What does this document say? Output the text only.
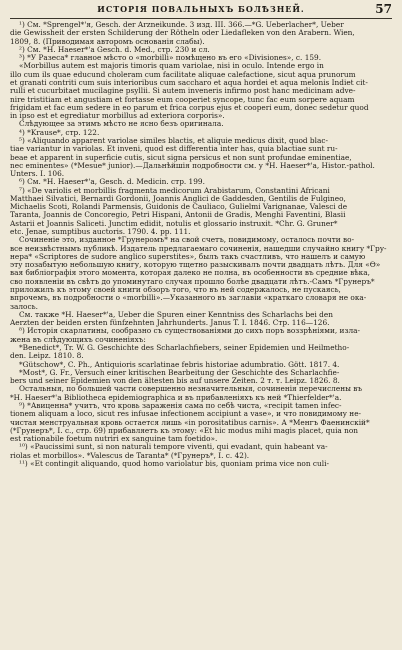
ИСТОРІЯ ПОВАЛЬНЫХЪ БОЛѢЗНЕЙ.	57
¹) См. *Sprengel*'я, Gesch. der Arzneikunde. 3 изд. III. 366.—*G. Ueberlacher*, Ueber
die Gewissheit der ersten Schilderung der Rötheln oder Liedafleken von den Arabern. Wien,
1809, 8. (Приводимая авторомъ основанія слабы).
²) См. *H. Haeser*'a Gesch. d. Med., стр. 230 и сл.
³) *У Разеса* главное мѣсто о «morbilli» помѣщено въ его «Divisiones», с. 159.
«Morbillus autem est majoris timoris quam variolae, nisi in oculo. Intende ergo in
illo cum ils quae educund choleram cum facilitate aliquae calefactione, sicut aqua prunorum
et granati contriti cum suis interioribus cum saccharo et aqua hordei et aqua melonis Indiet cit-
rulli et cucurbitaet mucilagine psyllii. Si autem inveneris infirmo post hanc medicinam adve-
nire tristitiam et angustiam et fortasse eum cooperiet syncope, tunc fac eum sorpere aquam
frigidam et fac eum sedere in eo parum et frica corpus ejus et cooperi eum, donec sedetur quod
in ipso est et egrediatur morbillus ad exteriora corporis».
Слѣдующее за этимъ мѣсто не ясно безъ оригинала.
⁴) *Krause*, стр. 122.
⁵) «Aliquando apparent variolae similes blactis, et aliquie medicus dixit, quod blac-
tiae variantur in variolas. Et inveni, quod est differentia inter has, quia blactiae sunt ru-
beae et apparent in superficie cutis, sicut signa persicus et non sunt profundae eminentiae,
nec eminentes» (*Mesue* junior).—Дальнѣйшія подробности см. у *H. Haeser*'a, Histor.-pathol.
Unters. I. 106.
⁶) См. *H. Haeser*'a, Gesch. d. Medicin. стр. 199.
⁷) «De variolis et morbillis fragmenta medicorum Arabistarum, Constantini Africani
Matthaei Silvatici, Bernardi Gordonii, Joannis Anglici de Gaddesden, Gentilis de Fulgineo,
Michaelis Scoti, Rolandi Parmensis, Guidonis de Cauliaco, Gulielmi Varignanae, Valesci de
Taranta, Joannis de Concoregio, Petri Hispani, Antonii de Gradis, Menghi Faventini, Blasii
Astarii et Joannis Saliceti. Junctim edidit, notulis et glossario instruxit. *Chr. G. Gruner*
etc. Jenae, sumptibus auctoris. 1790. 4. pp. 111.
Сочиненіе это, изданное *Грунеромъ* на свой счетъ, повидимому, осталось почти во-
все неизвѣстнымъ публикѣ. Издатель предлагаемаго сочиненія, нашедши случайно книгу *Гру-
нера* «Scriptores de sudore anglico superstites», былъ такъ счастливъ, что нашелъ и самую
эту позабытую небольшую книгу, которую тщетно разыскивалъ почти двадцать лѣтъ. Для «Ѳ»
вая библіографія этого момента, которая далеко не полна, въ особенности въ средние вѣка,
сво появленіи въ свѣтъ до упоминутаго случая прошло болѣе двадцати лѣтъ.-Самъ *Грунеръ*
приложилъ къ этому своей книги обзоръ того, что въ ней содержалось, не пускаясь,
впрочемъ, въ подробности о «morbilli».—Указанного въ заглавіи «краткаго словаря не ока-
залось.
См. также *H. Haeser*'a, Ueber die Spuren einer Kenntniss des Scharlachs bei den
Aerzten der beiden ersten fünfzehnten Jahrhunderts. Janus T. I. 1846. Стр. 116—126.
⁸) Исторія скарлатины, сообразно съ существованіями до сихъ поръ воззрѣніями, изла-
жена въ слѣдующихъ сочиненіяхъ:
*Benedict*, Tr. W. G. Geschichte des Scharlachfiebers, seiner Epidemien und Heilmetho-
den. Leipz. 1810. 8.
*Gütschow*, C. Ph., Antiquioris scarlatinae febris historiae adumbratio. Gött. 1817. 4.
*Most*, G. Fr., Versuch einer kritischen Bearbeitung der Geschichte des Scharlachfie-
bers und seiner Epidemien von den ältesten bis auf unsere Zeiten. 2 т. т. Leipz. 1826. 8.
Остальныя, по большей части совершенно незначительныя, сочиненія перечислены въ
*H. Haeser*'a Bibliotheca epidemiographica и въ прибавленіяхъ къ ней *Thierfelder*'a.
⁹) *Авиценна* учитъ, что кровь зараженія сама по себѣ чиста, «recipit tamen infec-
tionem aliquam a loco, sicut res infusae infectionem accipiunt a vase», и что повидимому не-
чистая менструальная кровь остается лишь «in porositatibus carnis». А *Менгъ Фаенинскій*
(*Грунеръ*, I. с., стр. 69) прибавляетъ къ этому: «Et hic modus mihi magis placet, quia non
est rationabile foetum nutriri ex sanguine tam foetido».
¹⁰) «Paucissimi sunt, si non naturali tempore viventi, qui evadant, quin habeant va-
riolas et morbillos». *Valescus de Taranta* (*Грунеръ*, I. с. 42).
¹¹) «Et contingit aliquando, quod homo variolatur bis, quoniam prima vice non culi-
